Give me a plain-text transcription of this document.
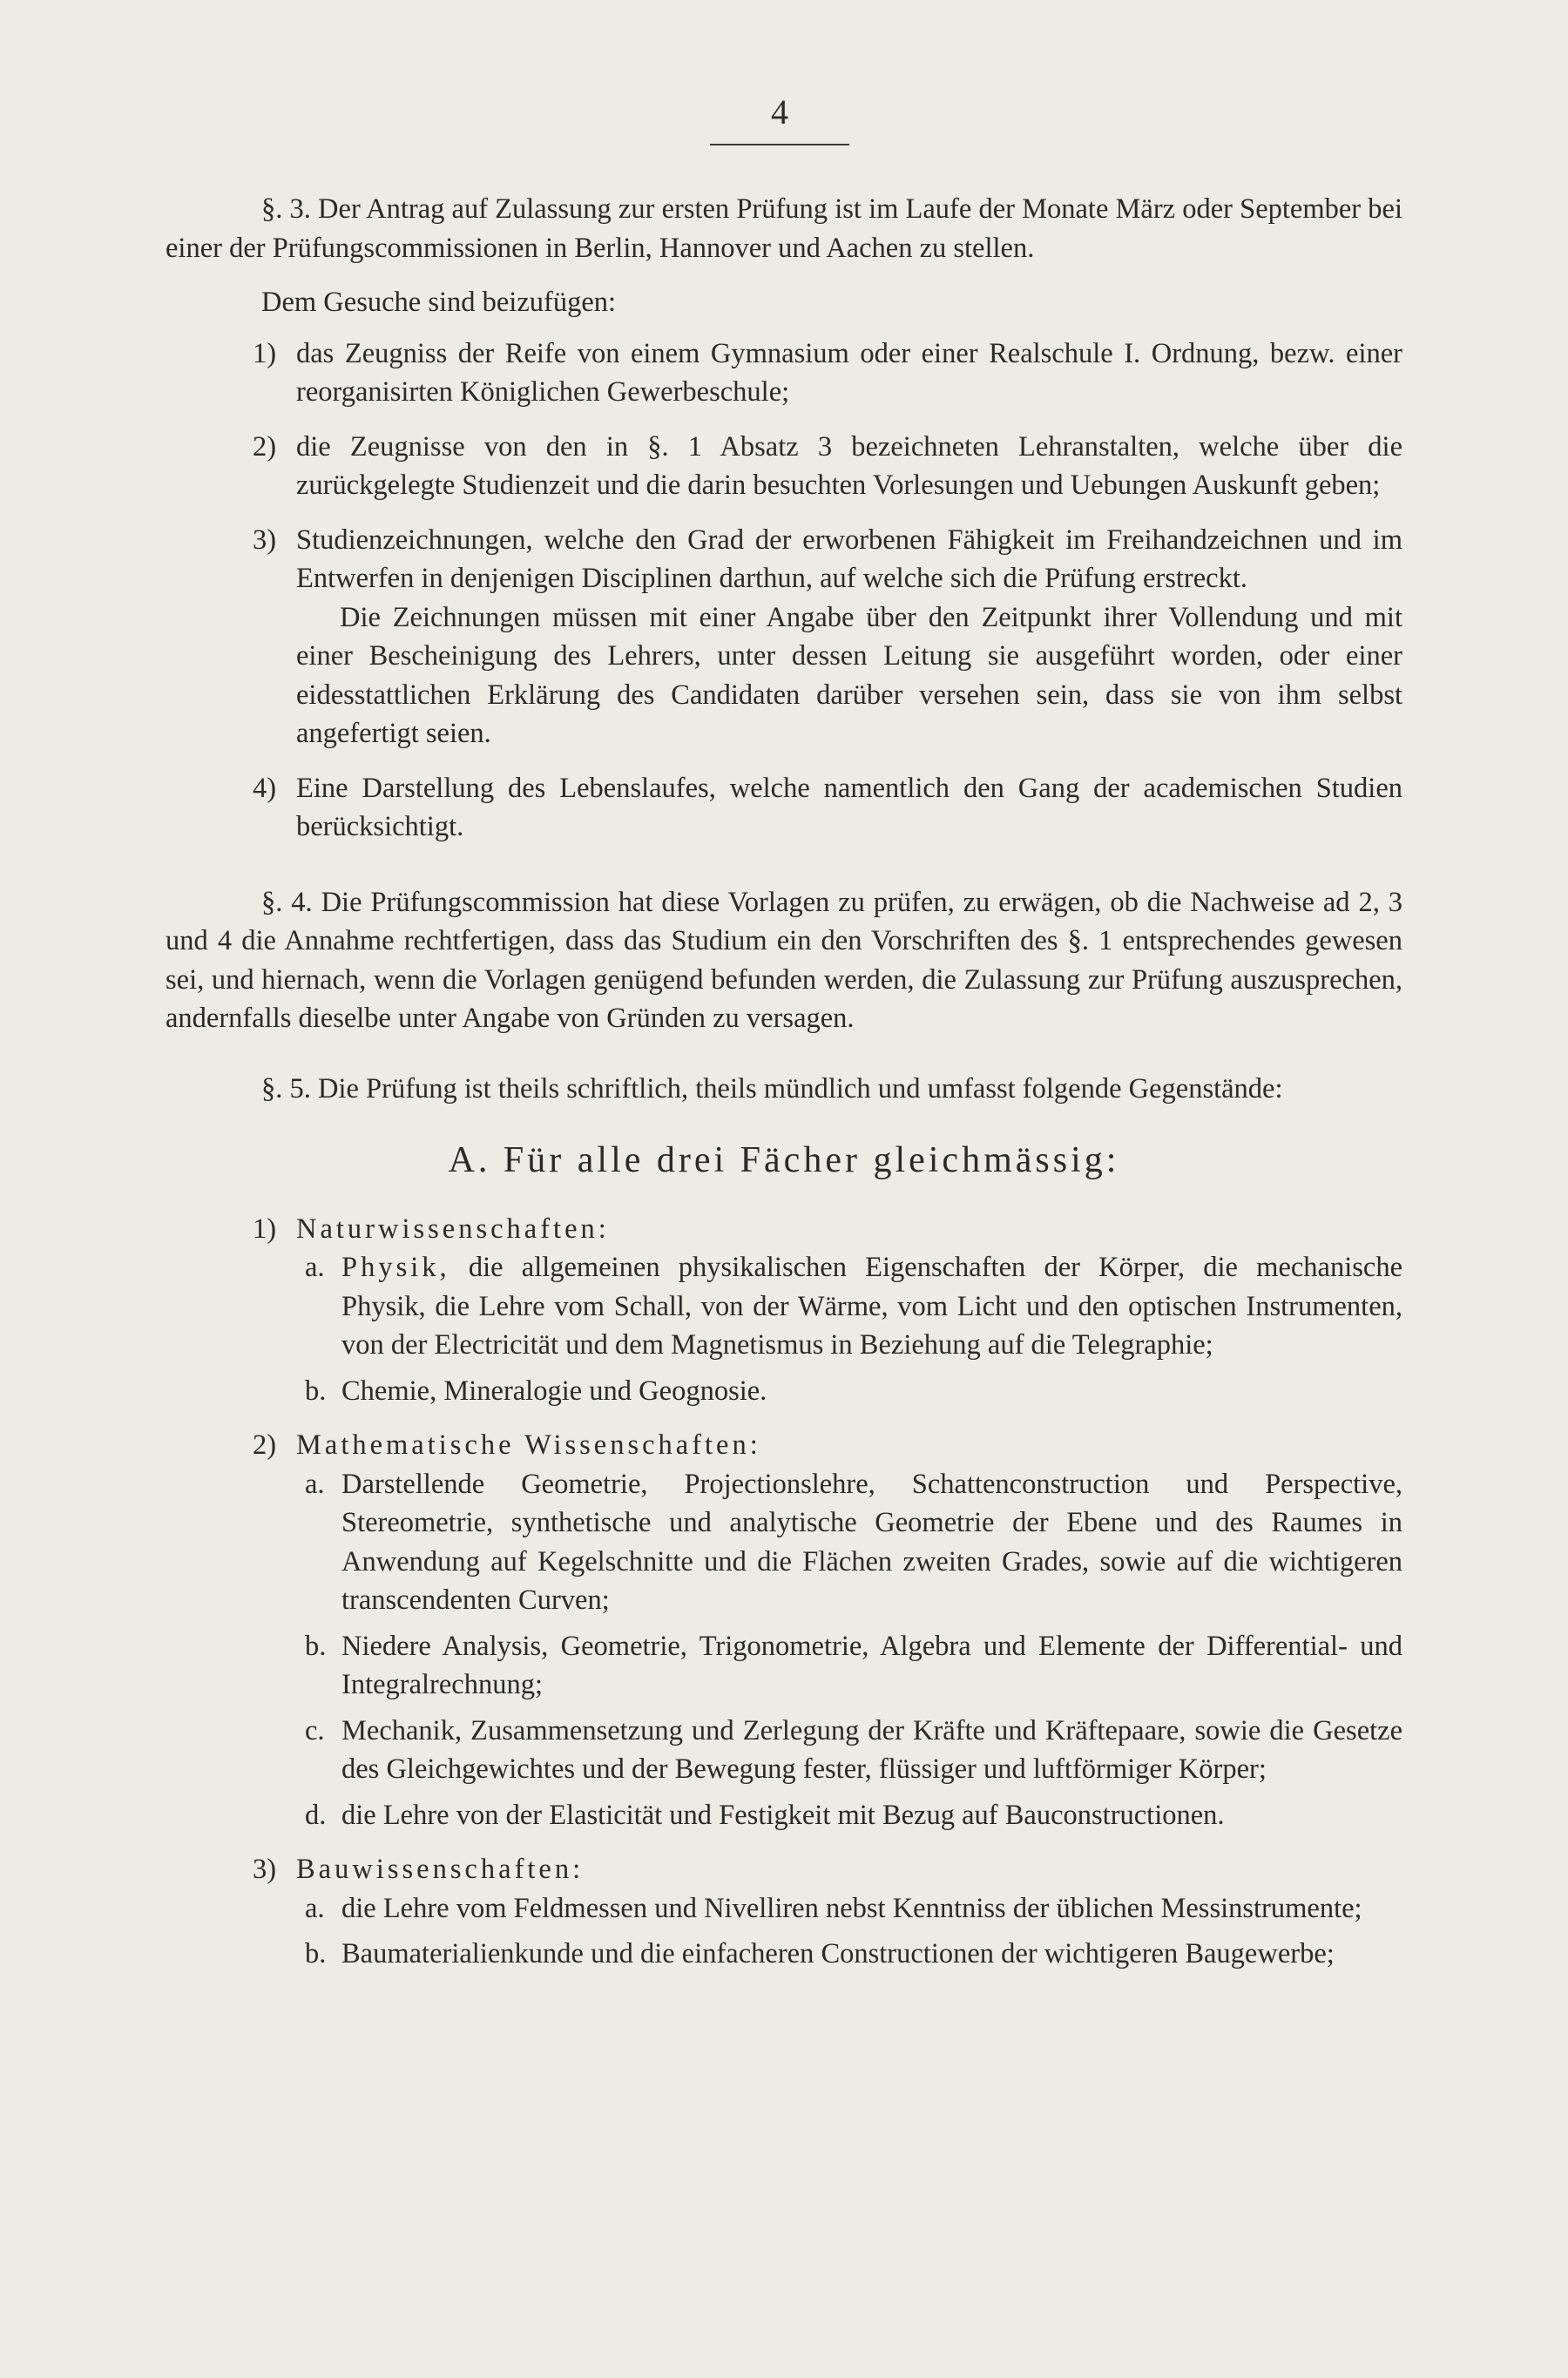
4

§. 3. Der Antrag auf Zulassung zur ersten Prüfung ist im Laufe der Monate März oder September bei einer der Prüfungscommissionen in Berlin, Hannover und Aachen zu stellen.

Dem Gesuche sind beizufügen:

1) das Zeugniss der Reife von einem Gymnasium oder einer Realschule I. Ordnung, bezw. einer reorganisirten Königlichen Gewerbeschule;

2) die Zeugnisse von den in §. 1 Absatz 3 bezeichneten Lehranstalten, welche über die zurückgelegte Studienzeit und die darin besuchten Vorlesungen und Uebungen Auskunft geben;

3) Studienzeichnungen, welche den Grad der erworbenen Fähigkeit im Freihandzeichnen und im Entwerfen in denjenigen Disciplinen darthun, auf welche sich die Prüfung erstreckt.

Die Zeichnungen müssen mit einer Angabe über den Zeitpunkt ihrer Vollendung und mit einer Bescheinigung des Lehrers, unter dessen Leitung sie ausgeführt worden, oder einer eidesstattlichen Erklärung des Candidaten darüber versehen sein, dass sie von ihm selbst angefertigt seien.

4) Eine Darstellung des Lebenslaufes, welche namentlich den Gang der academischen Studien berücksichtigt.

§. 4. Die Prüfungscommission hat diese Vorlagen zu prüfen, zu erwägen, ob die Nachweise ad 2, 3 und 4 die Annahme rechtfertigen, dass das Studium ein den Vorschriften des §. 1 entsprechendes gewesen sei, und hiernach, wenn die Vorlagen genügend befunden werden, die Zulassung zur Prüfung auszusprechen, andernfalls dieselbe unter Angabe von Gründen zu versagen.

§. 5. Die Prüfung ist theils schriftlich, theils mündlich und umfasst folgende Gegenstände:

A. Für alle drei Fächer gleichmässig:
1) Naturwissenschaften:
a. Physik, die allgemeinen physikalischen Eigenschaften der Körper, die mechanische Physik, die Lehre vom Schall, von der Wärme, vom Licht und den optischen Instrumenten, von der Electricität und dem Magnetismus in Beziehung auf die Telegraphie;

b. Chemie, Mineralogie und Geognosie.

2) Mathematische Wissenschaften:
a. Darstellende Geometrie, Projectionslehre, Schattenconstruction und Perspective, Stereometrie, synthetische und analytische Geometrie der Ebene und des Raumes in Anwendung auf Kegelschnitte und die Flächen zweiten Grades, sowie auf die wichtigeren transcendenten Curven;

b. Niedere Analysis, Geometrie, Trigonometrie, Algebra und Elemente der Differential- und Integralrechnung;

c. Mechanik, Zusammensetzung und Zerlegung der Kräfte und Kräftepaare, sowie die Gesetze des Gleichgewichtes und der Bewegung fester, flüssiger und luftförmiger Körper;

d. die Lehre von der Elasticität und Festigkeit mit Bezug auf Bauconstructionen.

3) Bauwissenschaften:
a. die Lehre vom Feldmessen und Nivelliren nebst Kenntniss der üblichen Messinstrumente;

b. Baumaterialienkunde und die einfacheren Constructionen der wichtigeren Baugewerbe;
